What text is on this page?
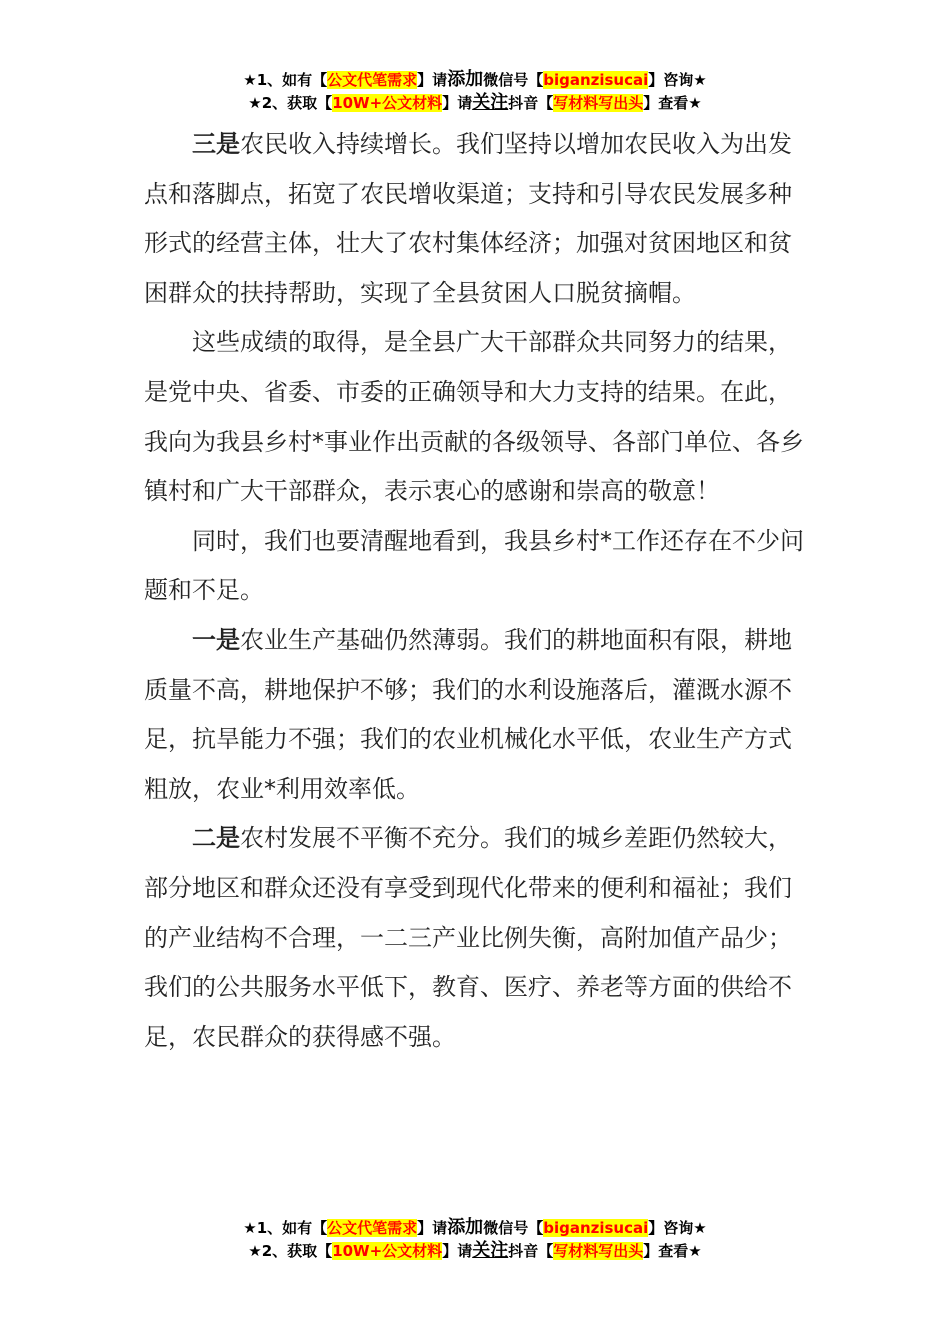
★1、如有【公文代笔需求】请添加微信号【biganzisucai】咨询★
★2、获取【10W+公文材料】请关注抖音【写材料写出头】查看★

三是农民收入持续增长。我们坚持以增加农民收入为出发点和落脚点，拓宽了农民增收渠道；支持和引导农民发展多种形式的经营主体，壮大了农村集体经济；加强对贫困地区和贫困群众的扶持帮助，实现了全县贫困人口脱贫摘帽。

这些成绩的取得，是全县广大干部群众共同努力的结果，是党中央、省委、市委的正确领导和大力支持的结果。在此，我向为我县乡村*事业作出贡献的各级领导、各部门单位、各乡镇村和广大干部群众，表示衷心的感谢和崇高的敬意！

同时，我们也要清醒地看到，我县乡村*工作还存在不少问题和不足。

一是农业生产基础仍然薄弱。我们的耕地面积有限，耕地质量不高，耕地保护不够；我们的水利设施落后，灌溉水源不足，抗旱能力不强；我们的农业机械化水平低，农业生产方式粗放，农业*利用效率低。

二是农村发展不平衡不充分。我们的城乡差距仍然较大，部分地区和群众还没有享受到现代化带来的便利和福祉；我们的产业结构不合理，一二三产业比例失衡，高附加值产品少；我们的公共服务水平低下，教育、医疗、养老等方面的供给不足，农民群众的获得感不强。

★1、如有【公文代笔需求】请添加微信号【biganzisucai】咨询★
★2、获取【10W+公文材料】请关注抖音【写材料写出头】查看★
